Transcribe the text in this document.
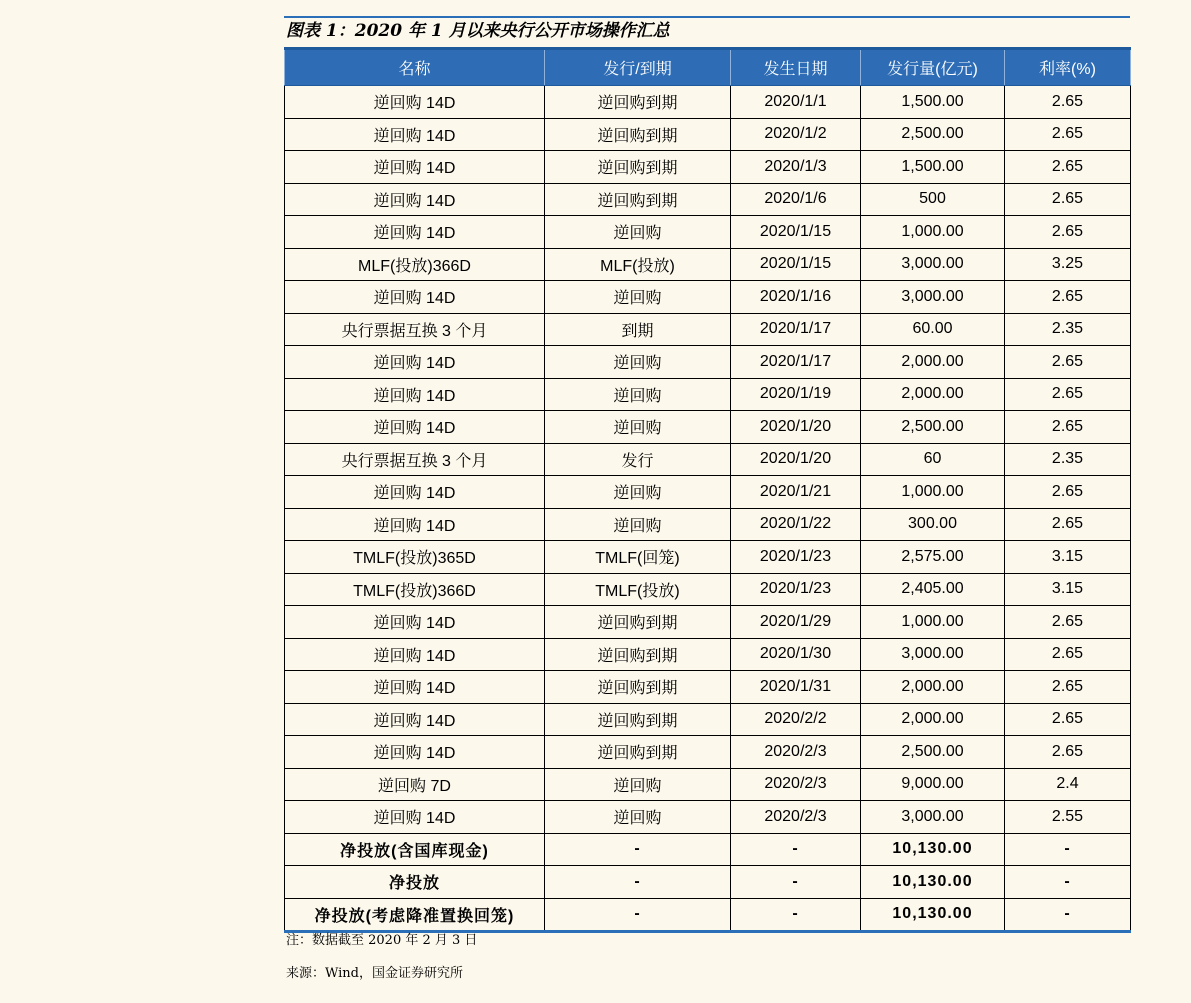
图表 1：2020 年 1 月以来央行公开市场操作汇总
名称	发行/到期	发生日期	发行量(亿元)	利率(%)
逆回购 14D	逆回购到期	2020/1/1	1,500.00	2.65
逆回购 14D	逆回购到期	2020/1/2	2,500.00	2.65
逆回购 14D	逆回购到期	2020/1/3	1,500.00	2.65
逆回购 14D	逆回购到期	2020/1/6	500	2.65
逆回购 14D	逆回购	2020/1/15	1,000.00	2.65
MLF(投放)366D	MLF(投放)	2020/1/15	3,000.00	3.25
逆回购 14D	逆回购	2020/1/16	3,000.00	2.65
央行票据互换 3 个月	到期	2020/1/17	60.00	2.35
逆回购 14D	逆回购	2020/1/17	2,000.00	2.65
逆回购 14D	逆回购	2020/1/19	2,000.00	2.65
逆回购 14D	逆回购	2020/1/20	2,500.00	2.65
央行票据互换 3 个月	发行	2020/1/20	60	2.35
逆回购 14D	逆回购	2020/1/21	1,000.00	2.65
逆回购 14D	逆回购	2020/1/22	300.00	2.65
TMLF(投放)365D	TMLF(回笼)	2020/1/23	2,575.00	3.15
TMLF(投放)366D	TMLF(投放)	2020/1/23	2,405.00	3.15
逆回购 14D	逆回购到期	2020/1/29	1,000.00	2.65
逆回购 14D	逆回购到期	2020/1/30	3,000.00	2.65
逆回购 14D	逆回购到期	2020/1/31	2,000.00	2.65
逆回购 14D	逆回购到期	2020/2/2	2,000.00	2.65
逆回购 14D	逆回购到期	2020/2/3	2,500.00	2.65
逆回购 7D	逆回购	2020/2/3	9,000.00	2.4
逆回购 14D	逆回购	2020/2/3	3,000.00	2.55
净投放(含国库现金)	-	-	10,130.00	-
净投放	-	-	10,130.00	-
净投放(考虑降准置换回笼)	-	-	10,130.00	-
注：数据截至 2020 年 2 月 3 日
来源：Wind，国金证券研究所
